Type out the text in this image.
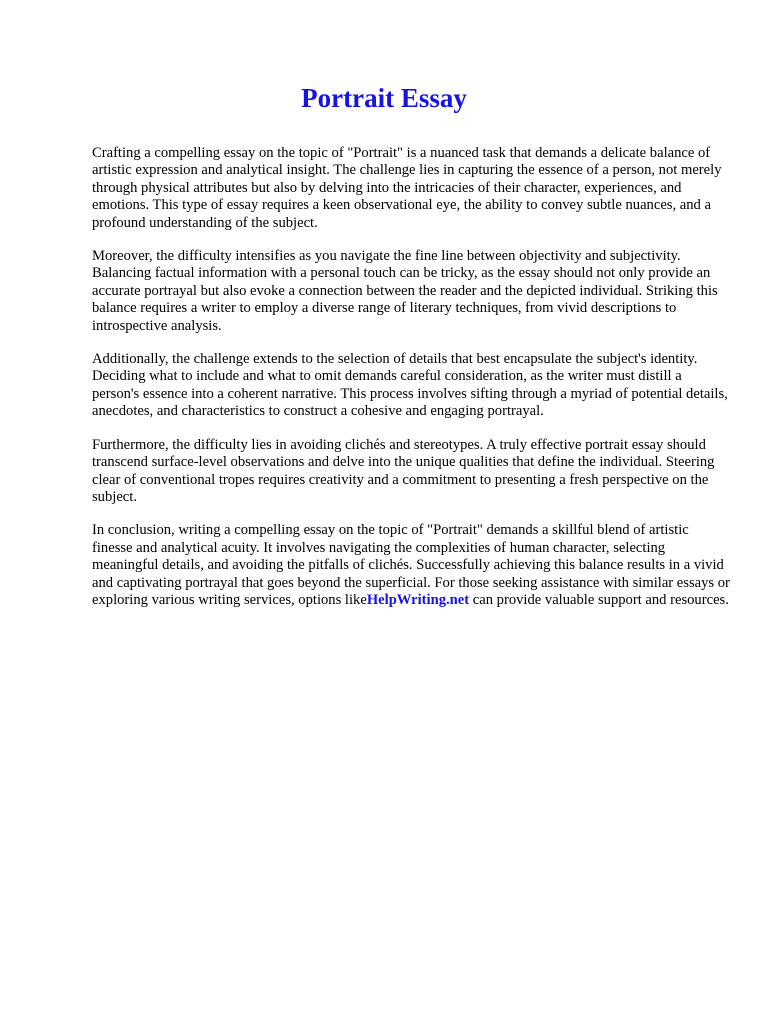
Portrait Essay

Crafting a compelling essay on the topic of "Portrait" is a nuanced task that demands a delicate balance of artistic expression and analytical insight. The challenge lies in capturing the essence of a person, not merely through physical attributes but also by delving into the intricacies of their character, experiences, and emotions. This type of essay requires a keen observational eye, the ability to convey subtle nuances, and a profound understanding of the subject.

Moreover, the difficulty intensifies as you navigate the fine line between objectivity and subjectivity. Balancing factual information with a personal touch can be tricky, as the essay should not only provide an accurate portrayal but also evoke a connection between the reader and the depicted individual. Striking this balance requires a writer to employ a diverse range of literary techniques, from vivid descriptions to introspective analysis.

Additionally, the challenge extends to the selection of details that best encapsulate the subject's identity. Deciding what to include and what to omit demands careful consideration, as the writer must distill a person's essence into a coherent narrative. This process involves sifting through a myriad of potential details, anecdotes, and characteristics to construct a cohesive and engaging portrayal.

Furthermore, the difficulty lies in avoiding clichés and stereotypes. A truly effective portrait essay should transcend surface-level observations and delve into the unique qualities that define the individual. Steering clear of conventional tropes requires creativity and a commitment to presenting a fresh perspective on the subject.

In conclusion, writing a compelling essay on the topic of "Portrait" demands a skillful blend of artistic finesse and analytical acuity. It involves navigating the complexities of human character, selecting meaningful details, and avoiding the pitfalls of clichés. Successfully achieving this balance results in a vivid and captivating portrayal that goes beyond the superficial. For those seeking assistance with similar essays or exploring various writing services, options likeHelpWriting.net can provide valuable support and resources.
